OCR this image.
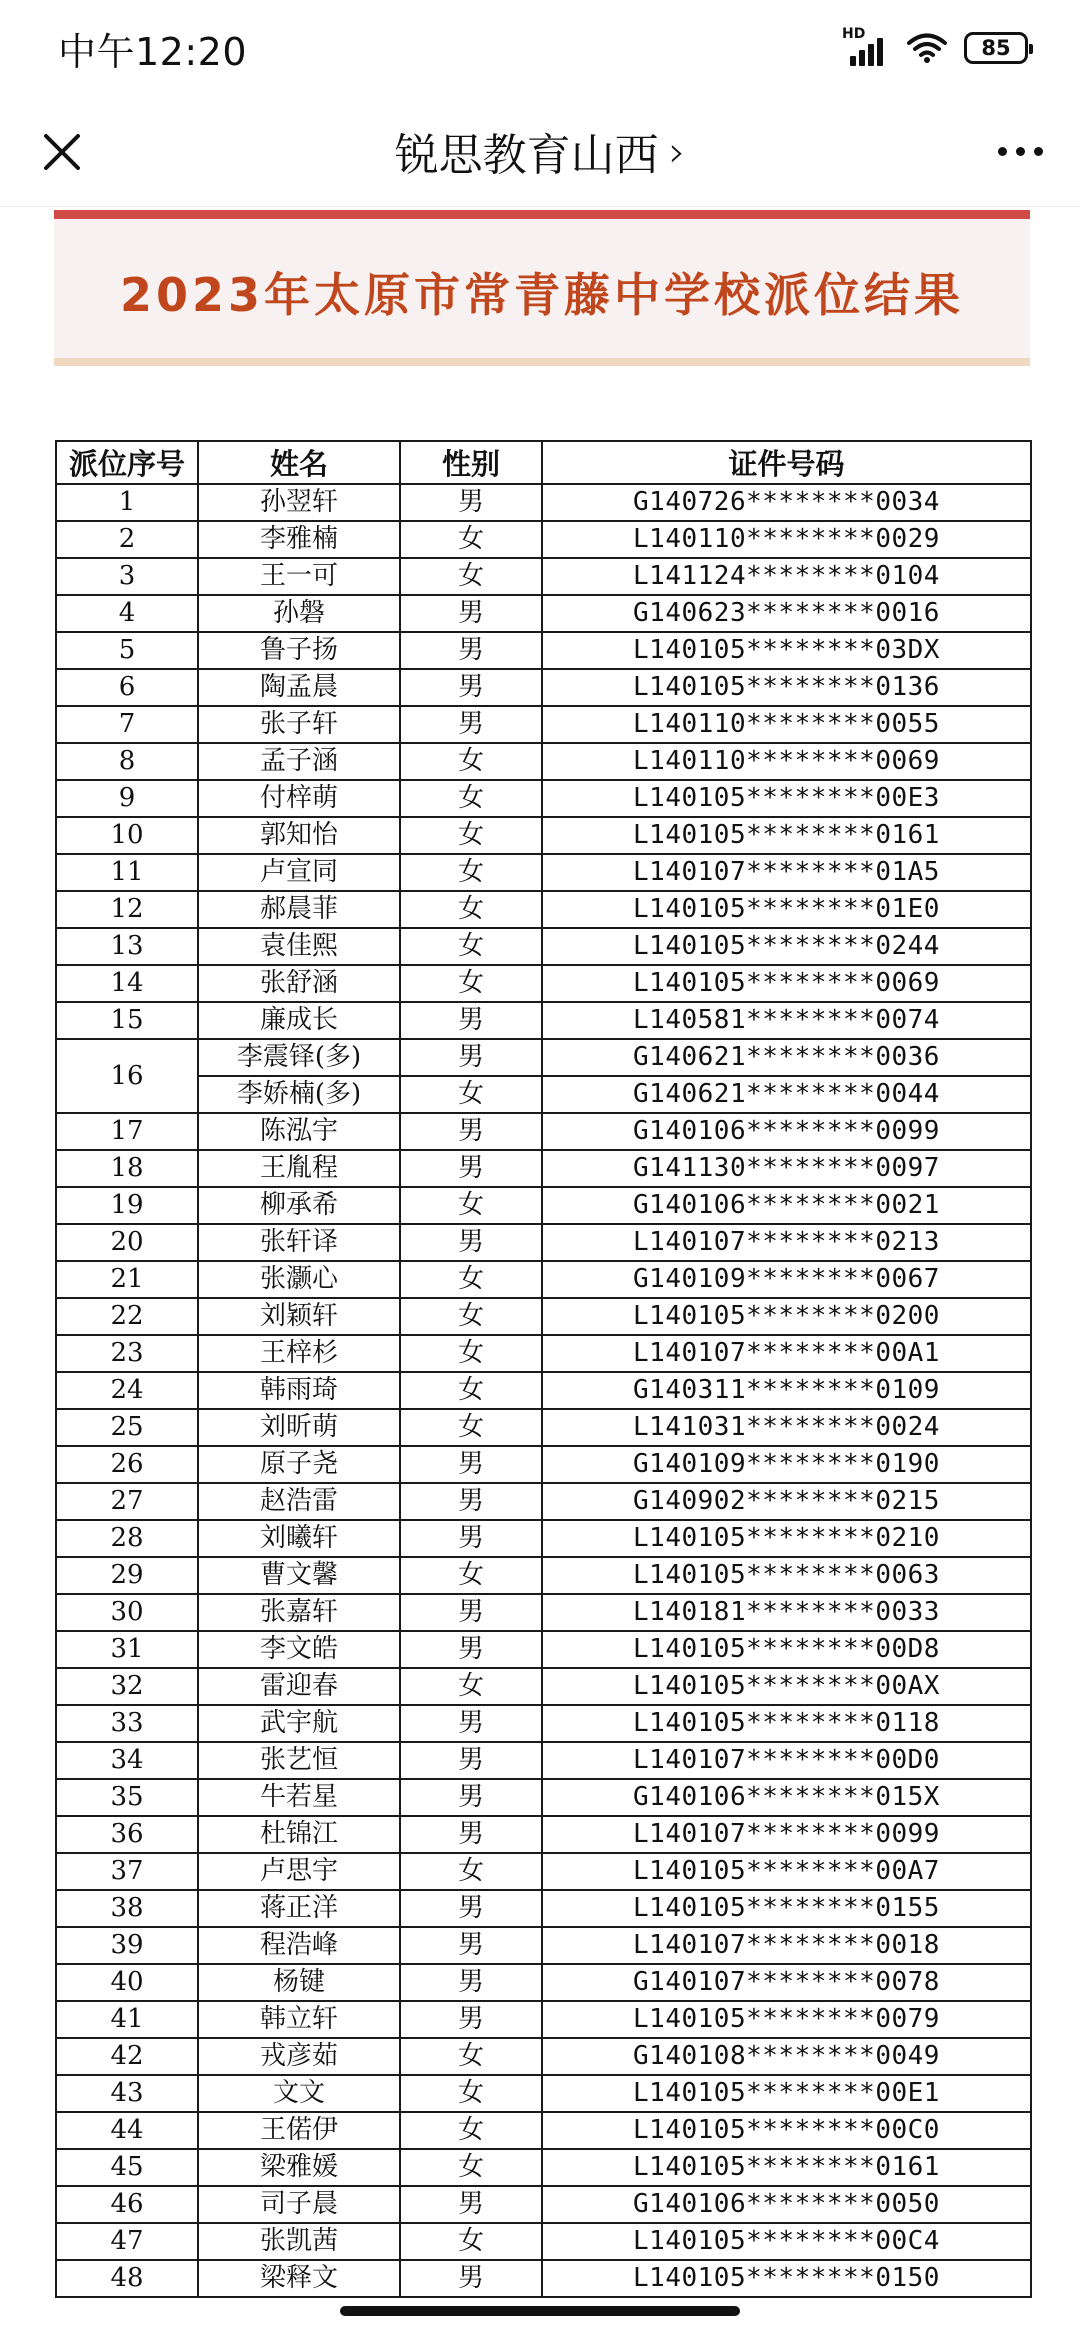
中午12:20	HD
85
锐思教育山西 ›
2023年太原市常青藤中学校派位结果
派位序号	姓名	性别	证件号码
1	孙翌轩	男	G140726********0034
2	李雅楠	女	L140110********0029
3	王一可	女	L141124********0104
4	孙磐	男	G140623********0016
5	鲁子扬	男	L140105********03DX
6	陶孟晨	男	L140105********0136
7	张子轩	男	L140110********0055
8	孟子涵	女	L140110********0069
9	付梓萌	女	L140105********00E3
10	郭知怡	女	L140105********0161
11	卢宣同	女	L140107********01A5
12	郝晨菲	女	L140105********01E0
13	袁佳熙	女	L140105********0244
14	张舒涵	女	L140105********0069
15	廉成长	男	L140581********0074
16	李震铎(多)	男	G140621********0036
	李娇楠(多)	女	G140621********0044
17	陈泓宇	男	G140106********0099
18	王胤程	男	G141130********0097
19	柳承希	女	G140106********0021
20	张轩译	男	L140107********0213
21	张灏心	女	G140109********0067
22	刘颖轩	女	L140105********0200
23	王梓杉	女	L140107********00A1
24	韩雨琦	女	G140311********0109
25	刘昕萌	女	L141031********0024
26	原子尧	男	G140109********0190
27	赵浩雷	男	G140902********0215
28	刘曦轩	男	L140105********0210
29	曹文馨	女	L140105********0063
30	张嘉轩	男	L140181********0033
31	李文皓	男	L140105********00D8
32	雷迎春	女	L140105********00AX
33	武宇航	男	L140105********0118
34	张艺恒	男	L140107********00D0
35	牛若星	男	G140106********015X
36	杜锦江	男	L140107********0099
37	卢思宇	女	L140105********00A7
38	蒋正洋	男	L140105********0155
39	程浩峰	男	L140107********0018
40	杨键	男	G140107********0078
41	韩立轩	男	L140105********0079
42	戎彦茹	女	G140108********0049
43	文文	女	L140105********00E1
44	王偌伊	女	L140105********00C0
45	梁雅媛	女	L140105********0161
46	司子晨	男	G140106********0050
47	张凯茜	女	L140105********00C4
48	梁释文	男	L140105********0150
